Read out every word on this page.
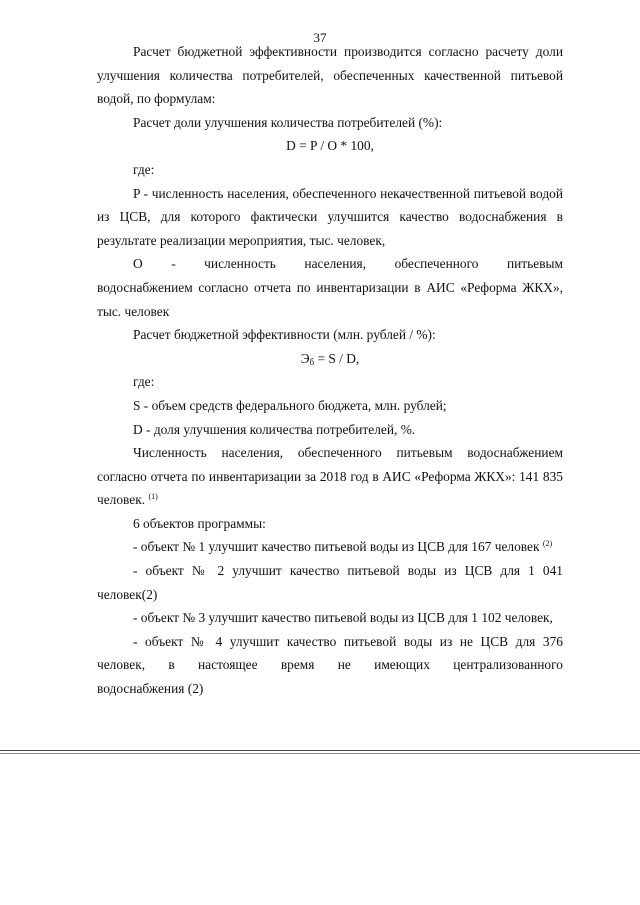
37

Расчет бюджетной эффективности производится согласно расчету доли улучшения количества потребителей, обеспеченных качественной питьевой водой, по формулам:

Расчет доли улучшения количества потребителей (%):

D = P / O * 100,

где:

P - численность населения, обеспеченного некачественной питьевой водой из ЦСВ, для которого фактически улучшится качество водоснабжения в результате реализации мероприятия, тыс. человек,

O - численность населения, обеспеченного питьевым

водоснабжением согласно отчета по инвентаризации в АИС «Реформа ЖКХ», тыс. человек

Расчет бюджетной эффективности (млн. рублей / %):

$Э_б = S / D$,

где:

S - объем средств федерального бюджета, млн. рублей;

D - доля улучшения количества потребителей, %.

Численность населения, обеспеченного питьевым водоснабжением согласно отчета по инвентаризации за 2018 год в АИС «Реформа ЖКХ»: 141 835 человек. $^{(1)}$

6 объектов программы:

- объект № 1 улучшит качество питьевой воды из ЦСВ для 167 человек $^{(2)}$

- объект № 2 улучшит качество питьевой воды из ЦСВ для 1 041 человек(2)

- объект № 3 улучшит качество питьевой воды из ЦСВ для 1 102 человек,

- объект № 4 улучшит качество питьевой воды из не ЦСВ для 376

человек, в настоящее время не имеющих централизованного

водоснабжения (2)
